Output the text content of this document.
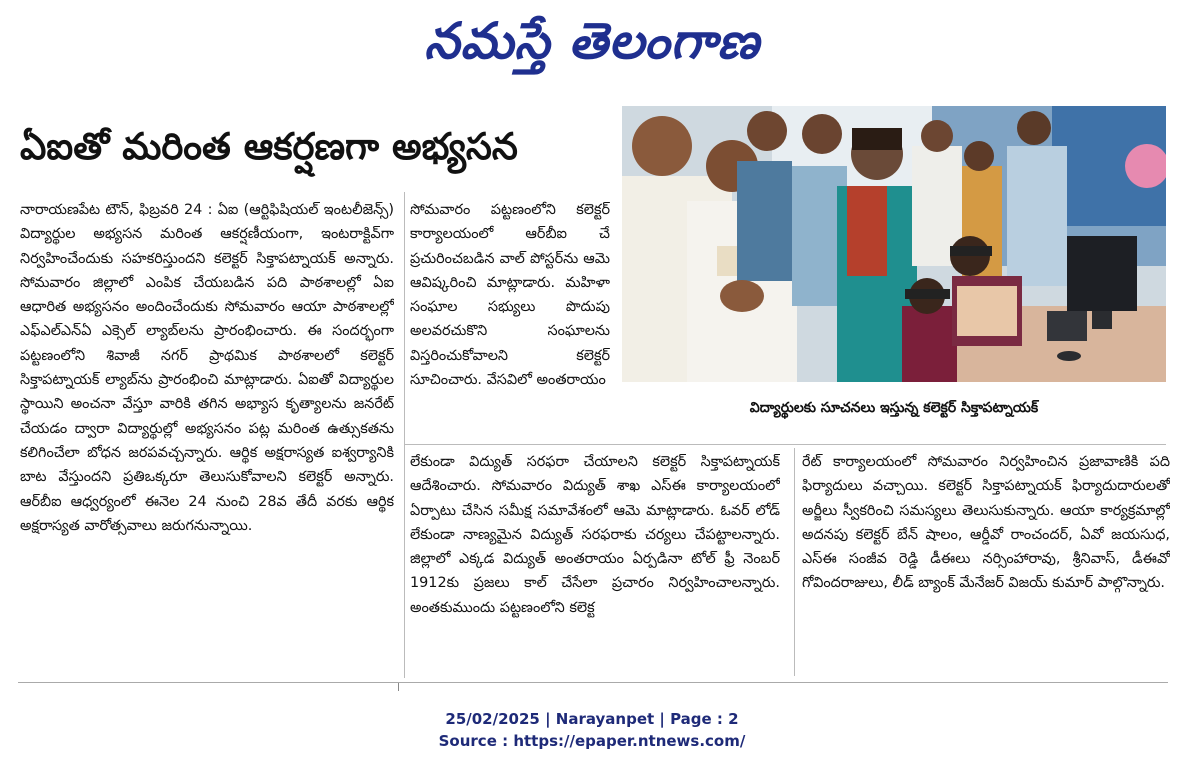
నమస్తే తెలంగాణ
ఏఐతో మరింత ఆకర్షణగా అభ్యసన
విద్యార్థులకు సూచనలు ఇస్తున్న కలెక్టర్ సిక్తాపట్నాయక్

నారాయణపేట టౌన్, ఫిబ్రవరి 24 : ఏఐ (ఆర్టిఫిషియల్ ఇంటలీజెన్స్) విద్యార్థుల అభ్యసన మరింత ఆకర్షణీయంగా, ఇంటరాక్టివ్‌గా నిర్వహించేందుకు సహకరిస్తుందని కలెక్టర్ సిక్తాపట్నాయక్ అన్నారు. సోమవారం జిల్లాలో ఎంపిక చేయబడిన పది పాఠశాలల్లో ఏఐ ఆధారిత అభ్యసనం అందించేందుకు సోమవారం ఆయా పాఠశాలల్లో ఎఫ్ఎల్ఎన్ఏ ఎక్సెల్ ల్యాబ్‌లను ప్రారంభించారు. ఈ సందర్భంగా పట్టణంలోని శివాజీ నగర్ ప్రాథమిక పాఠశాలలో కలెక్టర్ సిక్తాపట్నాయక్ ల్యాబ్‌ను ప్రారంభించి మాట్లాడారు. ఏఐతో విద్యార్థుల స్థాయిని అంచనా వేస్తూ వారికి తగిన అభ్యాస కృత్యాలను జనరేట్ చేయడం ద్వారా విద్యార్థుల్లో అభ్యసనం పట్ల మరింత ఉత్సుకతను కలిగించేలా బోధన జరపవచ్చన్నారు. ఆర్థిక అక్షరాస్యత ఐశ్వర్యానికి బాట వేస్తుందని ప్రతిఒక్కరూ తెలుసుకోవాలని కలెక్టర్ అన్నారు. ఆర్‌బీఐ ఆధ్వర్యంలో ఈనెల 24 నుంచి 28వ తేదీ వరకు ఆర్థిక అక్షరాస్యత వారోత్సవాలు జరుగనున్నాయి.

సోమవారం పట్టణంలోని కలెక్టర్ కార్యాలయంలో ఆర్‌బీఐ చే ప్రచురించబడిన వాల్ పోస్టర్‌ను ఆమె ఆవిష్కరించి మాట్లాడారు. మహిళా సంఘాల సభ్యులు పొదుపు అలవరచుకొని సంఘాలను విస్తరించుకోవాలని కలెక్టర్ సూచించారు. వేసవిలో అంతరాయం

లేకుండా విద్యుత్ సరఫరా చేయాలని కలెక్టర్ సిక్తాపట్నాయక్ ఆదేశించారు. సోమవారం విద్యుత్ శాఖ ఎస్ఈ కార్యాలయంలో ఏర్పాటు చేసిన సమీక్ష సమావేశంలో ఆమె మాట్లాడారు. ఓవర్ లోడ్ లేకుండా నాణ్యమైన విద్యుత్ సరఫరాకు చర్యలు చేపట్టాలన్నారు. జిల్లాలో ఎక్కడ విద్యుత్ అంతరాయం ఏర్పడినా టోల్ ఫ్రీ నెంబర్ 1912కు ప్రజలు కాల్ చేసేలా ప్రచారం నిర్వహించాలన్నారు. అంతకుముందు పట్టణంలోని కలెక్ట

రేట్ కార్యాలయంలో సోమవారం నిర్వహించిన ప్రజావాణికి పది ఫిర్యాదులు వచ్చాయి. కలెక్టర్ సిక్తాపట్నాయక్ ఫిర్యాదుదారులతో అర్జీలు స్వీకరించి సమస్యలు తెలుసుకున్నారు. ఆయా కార్యక్రమాల్లో అదనపు కలెక్టర్ బేన్ షాలం, ఆర్డీవో రాంచందర్, ఏవో జయసుధ, ఎస్ఈ సంజీవ రెడ్డి డీఈలు నర్సింహారావు, శ్రీనివాస్, డీఈవో గోవిందరాజులు, లీడ్ బ్యాంక్ మేనేజర్ విజయ్ కుమార్ పాల్గొన్నారు.

25/02/2025 | Narayanpet | Page : 2
Source : https://epaper.ntnews.com/
